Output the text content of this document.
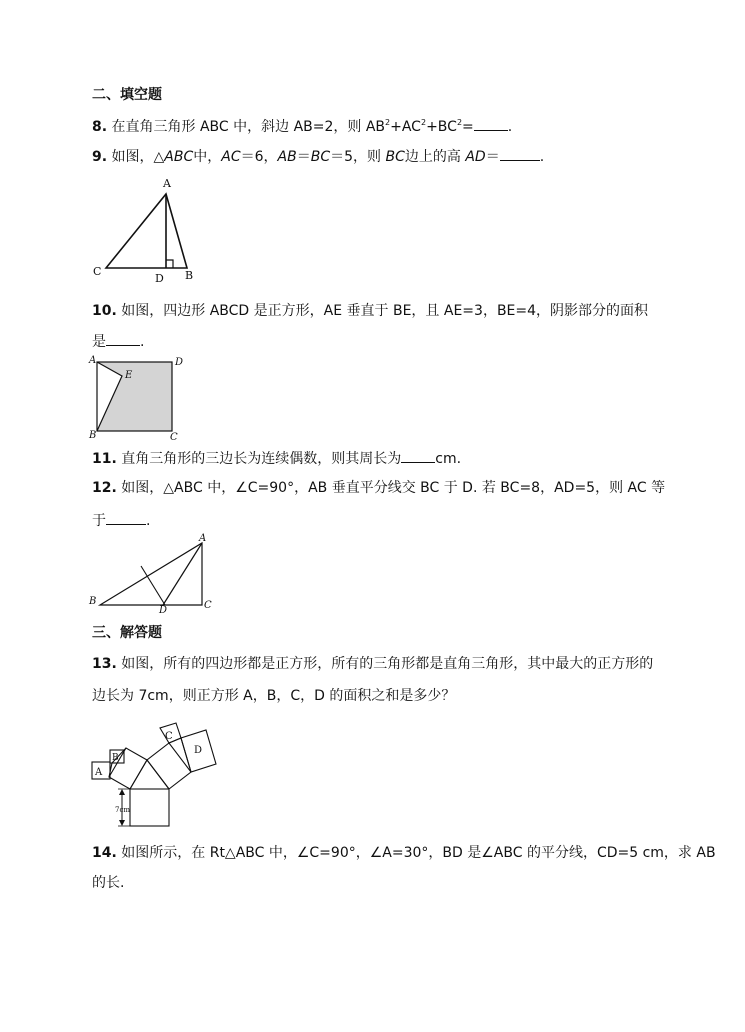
二、填空题
8. 在直角三角形 ABC 中，斜边 AB=2，则 $AB^2+AC^2+BC^2=$ .
9. 如图，△ABC中，AC＝6，AB＝BC＝5，则 BC边上的高 AD＝	.
A
B
C
D
10. 如图，四边形 ABCD 是正方形，AE 垂直于 BE，且 AE=3，BE=4，阴影部分的面积
是 .
A	D
E
B	C
11. 直角三角形的三边长为连续偶数，则其周长为 cm.
12. 如图，△ABC 中，∠C=90°，AB 垂直平分线交 BC 于 D. 若 BC=8，AD=5，则 AC 等
于	.
A
B	C
D
三、解答题
13. 如图，所有的四边形都是正方形，所有的三角形都是直角三角形，其中最大的正方形的
边长为 7cm，则正方形 A，B，C，D 的面积之和是多少？
A
B
C
D
7cm
14. 如图所示，在 Rt△ABC 中，∠C=90°，∠A=30°，BD 是∠ABC 的平分线，CD=5 cm，求 AB
的长.
